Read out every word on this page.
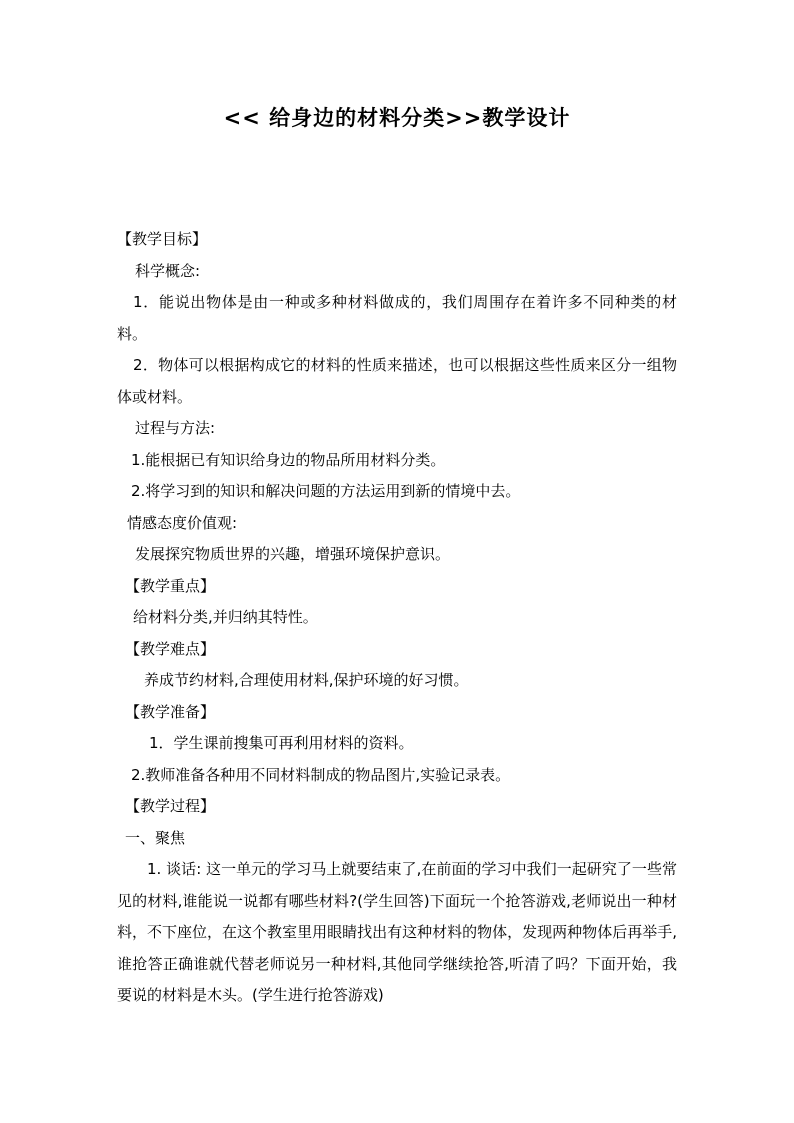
<< 给身边的材料分类>>教学设计
【教学目标】
科学概念:
1．能说出物体是由一种或多种材料做成的，我们周围存在着许多不同种类的材料。
2．物体可以根据构成它的材料的性质来描述，也可以根据这些性质来区分一组物体或材料。
过程与方法:
1.能根据已有知识给身边的物品所用材料分类。
2.将学习到的知识和解决问题的方法运用到新的情境中去。
情感态度价值观:
发展探究物质世界的兴趣，增强环境保护意识。
【教学重点】
给材料分类,并归纳其特性。
【教学难点】
养成节约材料,合理使用材料,保护环境的好习惯。
【教学准备】
1．学生课前搜集可再利用材料的资料。
2.教师准备各种用不同材料制成的物品图片,实验记录表。
【教学过程】
一、聚焦
1. 谈话: 这一单元的学习马上就要结束了,在前面的学习中我们一起研究了一些常见的材料,谁能说一说都有哪些材料?(学生回答)下面玩一个抢答游戏,老师说出一种材料，不下座位，在这个教室里用眼睛找出有这种材料的物体，发现两种物体后再举手,谁抢答正确谁就代替老师说另一种材料,其他同学继续抢答,听清了吗？下面开始，我要说的材料是木头。(学生进行抢答游戏)
